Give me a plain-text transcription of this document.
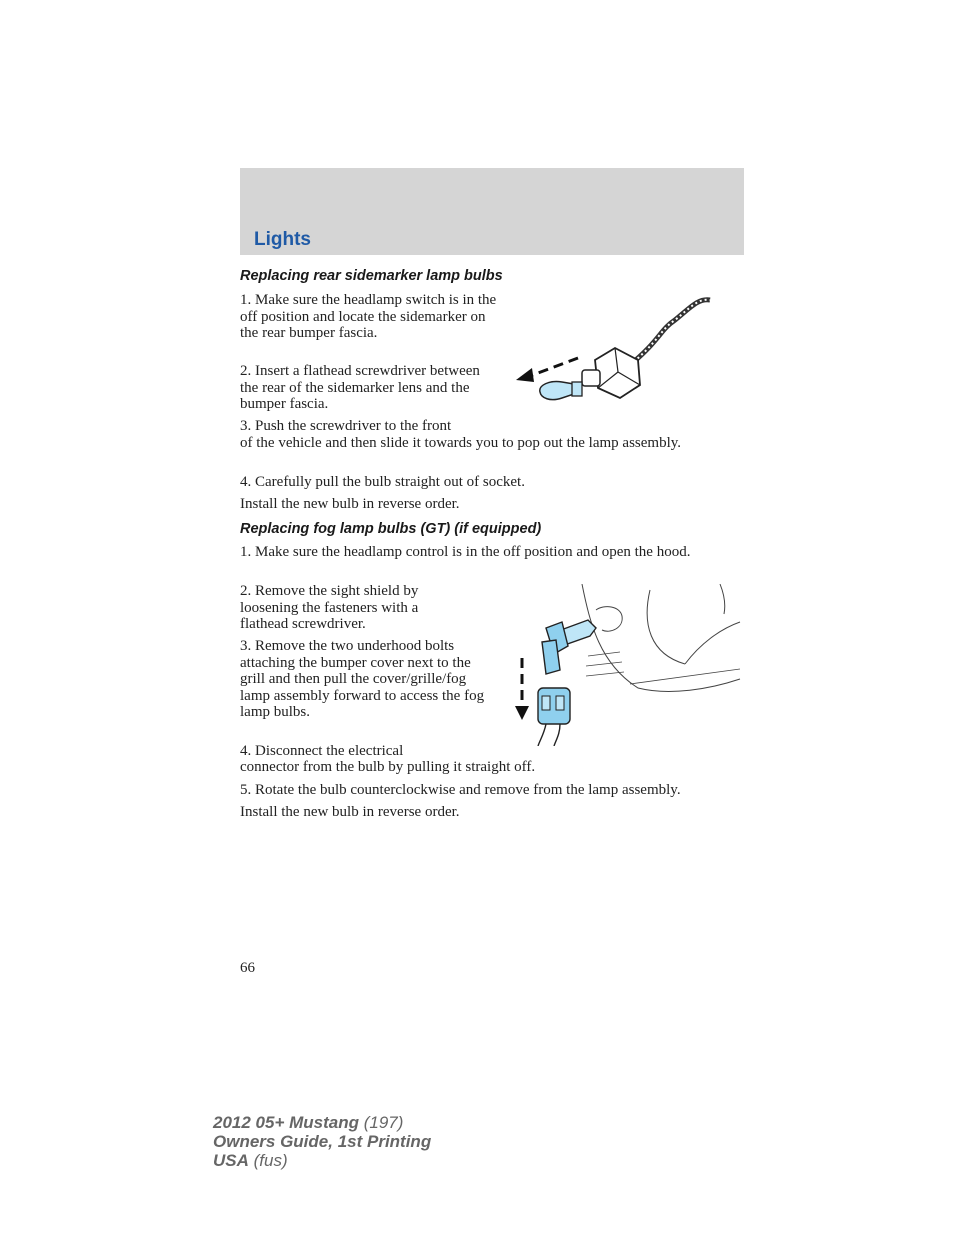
Lights
Replacing rear sidemarker lamp bulbs
1. Make sure the headlamp switch is in the off position and locate the sidemarker on the rear bumper fascia.
2. Insert a flathead screwdriver between the rear of the sidemarker lens and the bumper fascia.
3. Push the screwdriver to the front
of the vehicle and then slide it towards you to pop out the lamp assembly.
4. Carefully pull the bulb straight out of socket.
Install the new bulb in reverse order.
Replacing fog lamp bulbs (GT) (if equipped)
1. Make sure the headlamp control is in the off position and open the hood.
2. Remove the sight shield by loosening the fasteners with a flathead screwdriver.
3. Remove the two underhood bolts attaching the bumper cover next to the grill and then pull the cover/grille/fog lamp assembly forward to access the fog lamp bulbs.
4. Disconnect the electrical
connector from the bulb by pulling it straight off.
5. Rotate the bulb counterclockwise and remove from the lamp assembly.
Install the new bulb in reverse order.
66
2012 05+ Mustang (197)
Owners Guide, 1st Printing
USA (fus)
